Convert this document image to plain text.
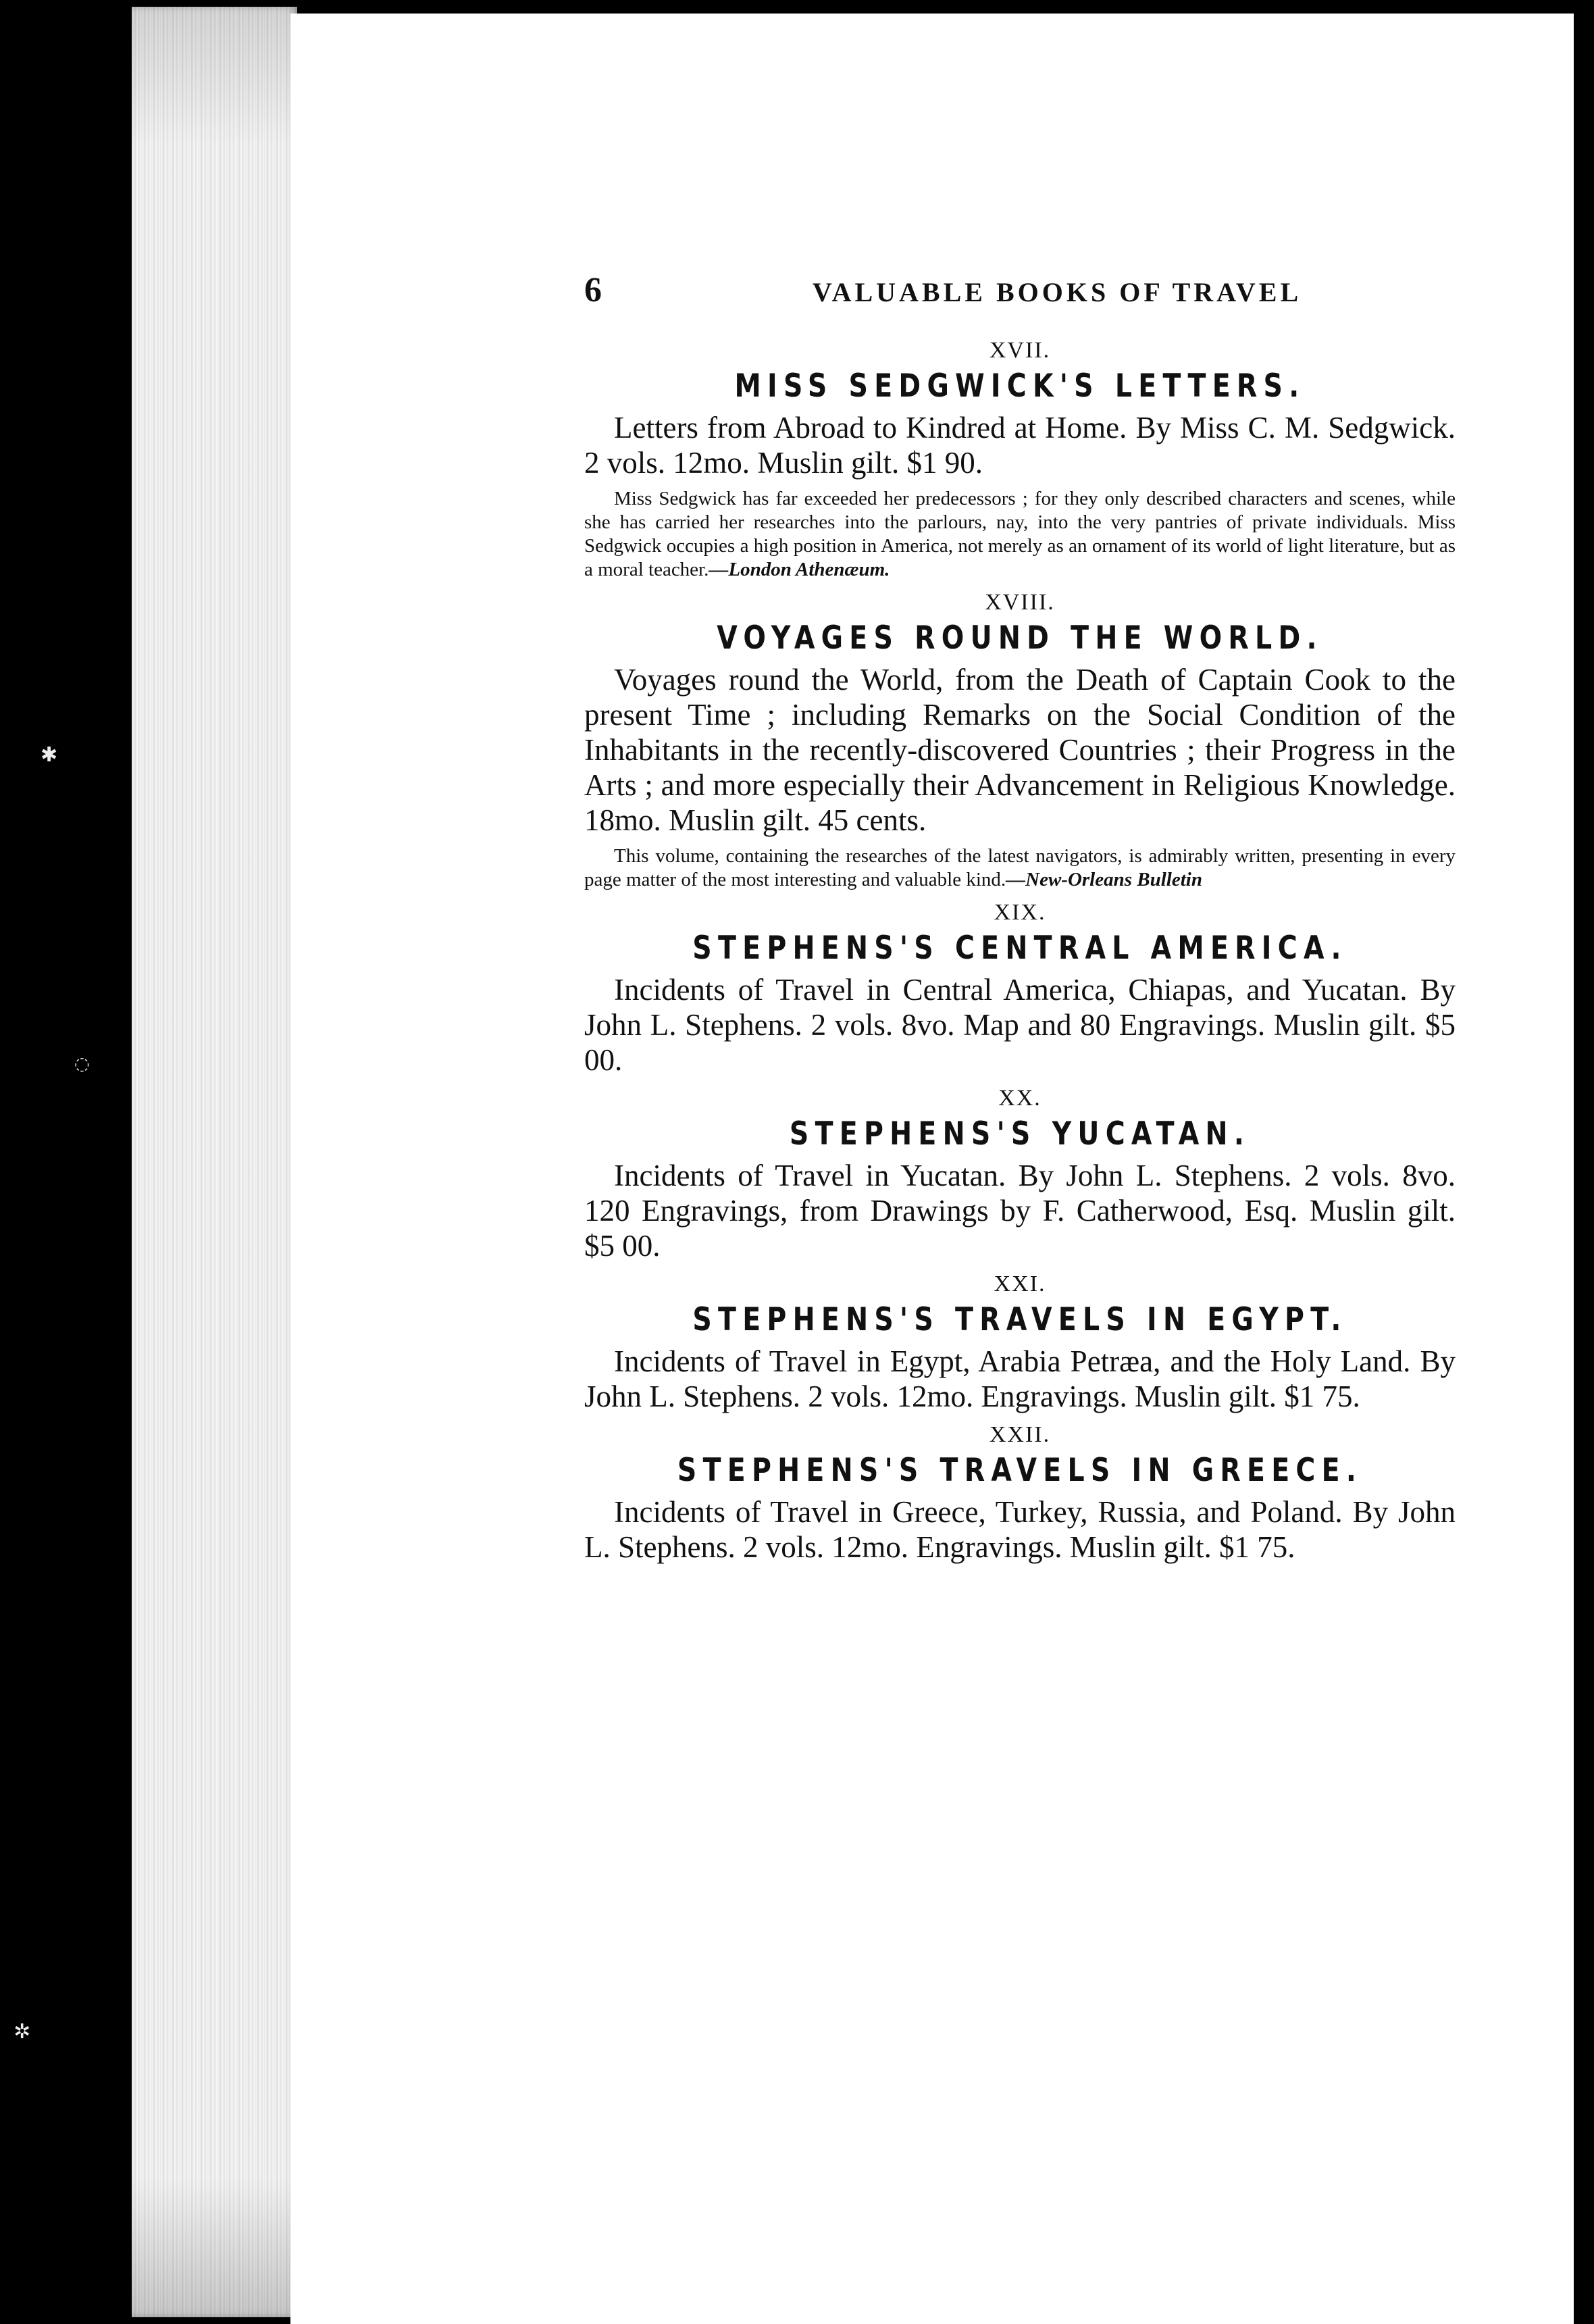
✱
◌
✲
6	VALUABLE BOOKS OF TRAVEL
XVII.
MISS SEDGWICK'S LETTERS.

Letters from Abroad to Kindred at Home. By Miss C. M. Sedgwick. 2 vols. 12mo. Muslin gilt. $1 90.

Miss Sedgwick has far exceeded her predecessors ; for they only described characters and scenes, while she has carried her researches into the parlours, nay, into the very pantries of private individuals. Miss Sedgwick occupies a high position in America, not merely as an ornament of its world of light literature, but as a moral teacher.—London Athenæum.

XVIII.
VOYAGES ROUND THE WORLD.

Voyages round the World, from the Death of Captain Cook to the present Time ; including Remarks on the Social Condition of the Inhabitants in the recently-discovered Countries ; their Progress in the Arts ; and more especially their Advancement in Religious Knowledge. 18mo. Muslin gilt. 45 cents.

This volume, containing the researches of the latest navigators, is admirably written, presenting in every page matter of the most interesting and valuable kind.—New-Orleans Bulletin

XIX.
STEPHENS'S CENTRAL AMERICA.

Incidents of Travel in Central America, Chiapas, and Yucatan. By John L. Stephens. 2 vols. 8vo. Map and 80 Engravings. Muslin gilt. $5 00.

XX.
STEPHENS'S YUCATAN.

Incidents of Travel in Yucatan. By John L. Stephens. 2 vols. 8vo. 120 Engravings, from Drawings by F. Catherwood, Esq. Muslin gilt. $5 00.

XXI.
STEPHENS'S TRAVELS IN EGYPT.

Incidents of Travel in Egypt, Arabia Petræa, and the Holy Land. By John L. Stephens. 2 vols. 12mo. Engravings. Muslin gilt. $1 75.

XXII.
STEPHENS'S TRAVELS IN GREECE.

Incidents of Travel in Greece, Turkey, Russia, and Poland. By John L. Stephens. 2 vols. 12mo. Engravings. Muslin gilt. $1 75.
